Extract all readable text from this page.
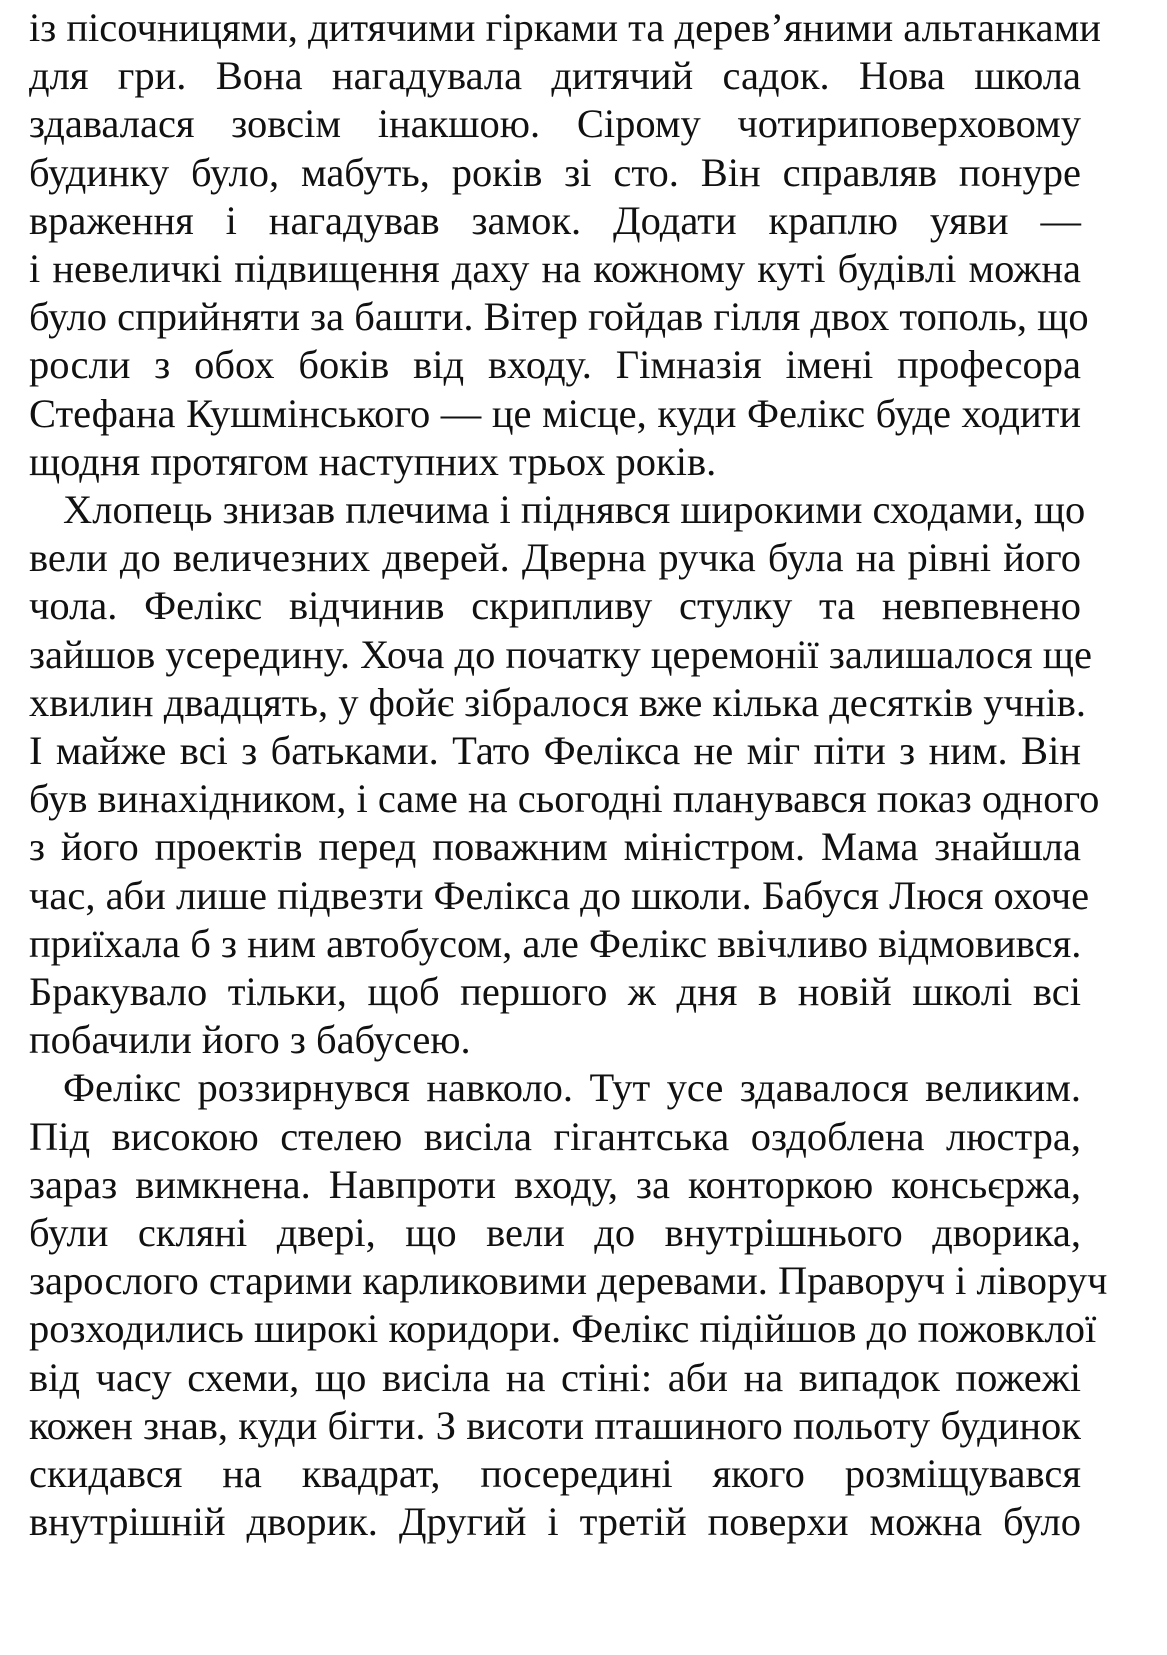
із пісочницями, дитячими гірками та дерев’яними альтанками
для гри. Вона нагадувала дитячий садок. Нова школа
здавалася зовсім інакшою. Сірому чотириповерховому
будинку було, мабуть, років зі сто. Він справляв понуре
враження і нагадував замок. Додати краплю уяви —
і невеличкі підвищення даху на кожному куті будівлі можна
було сприйняти за башти. Вітер гойдав гілля двох тополь, що
росли з обох боків від входу. Гімназія імені професора
Стефана Кушмінського — це місце, куди Фелікс буде ходити
щодня протягом наступних трьох років.

Хлопець знизав плечима і піднявся широкими сходами, що
вели до величезних дверей. Дверна ручка була на рівні його
чола. Фелікс відчинив скрипливу стулку та невпевнено
зайшов усередину. Хоча до початку церемонії залишалося ще
хвилин двадцять, у фойє зібралося вже кілька десятків учнів.
І майже всі з батьками. Тато Фелікса не міг піти з ним. Він
був винахідником, і саме на сьогодні планувався показ одного
з його проектів перед поважним міністром. Мама знайшла
час, аби лише підвезти Фелікса до школи. Бабуся Люся охоче
приїхала б з ним автобусом, але Фелікс ввічливо відмовився.
Бракувало тільки, щоб першого ж дня в новій школі всі
побачили його з бабусею.

Фелікс роззирнувся навколо. Тут усе здавалося великим.
Під високою стелею висіла гігантська оздоблена люстра,
зараз вимкнена. Навпроти входу, за конторкою консьєржа,
були скляні двері, що вели до внутрішнього дворика,
зарослого старими карликовими деревами. Праворуч і ліворуч
розходились широкі коридори. Фелікс підійшов до пожовклої
від часу схеми, що висіла на стіні: аби на випадок пожежі
кожен знав, куди бігти. З висоти пташиного польоту будинок
скидався на квадрат, посередині якого розміщувався
внутрішній дворик. Другий і третій поверхи можна було
